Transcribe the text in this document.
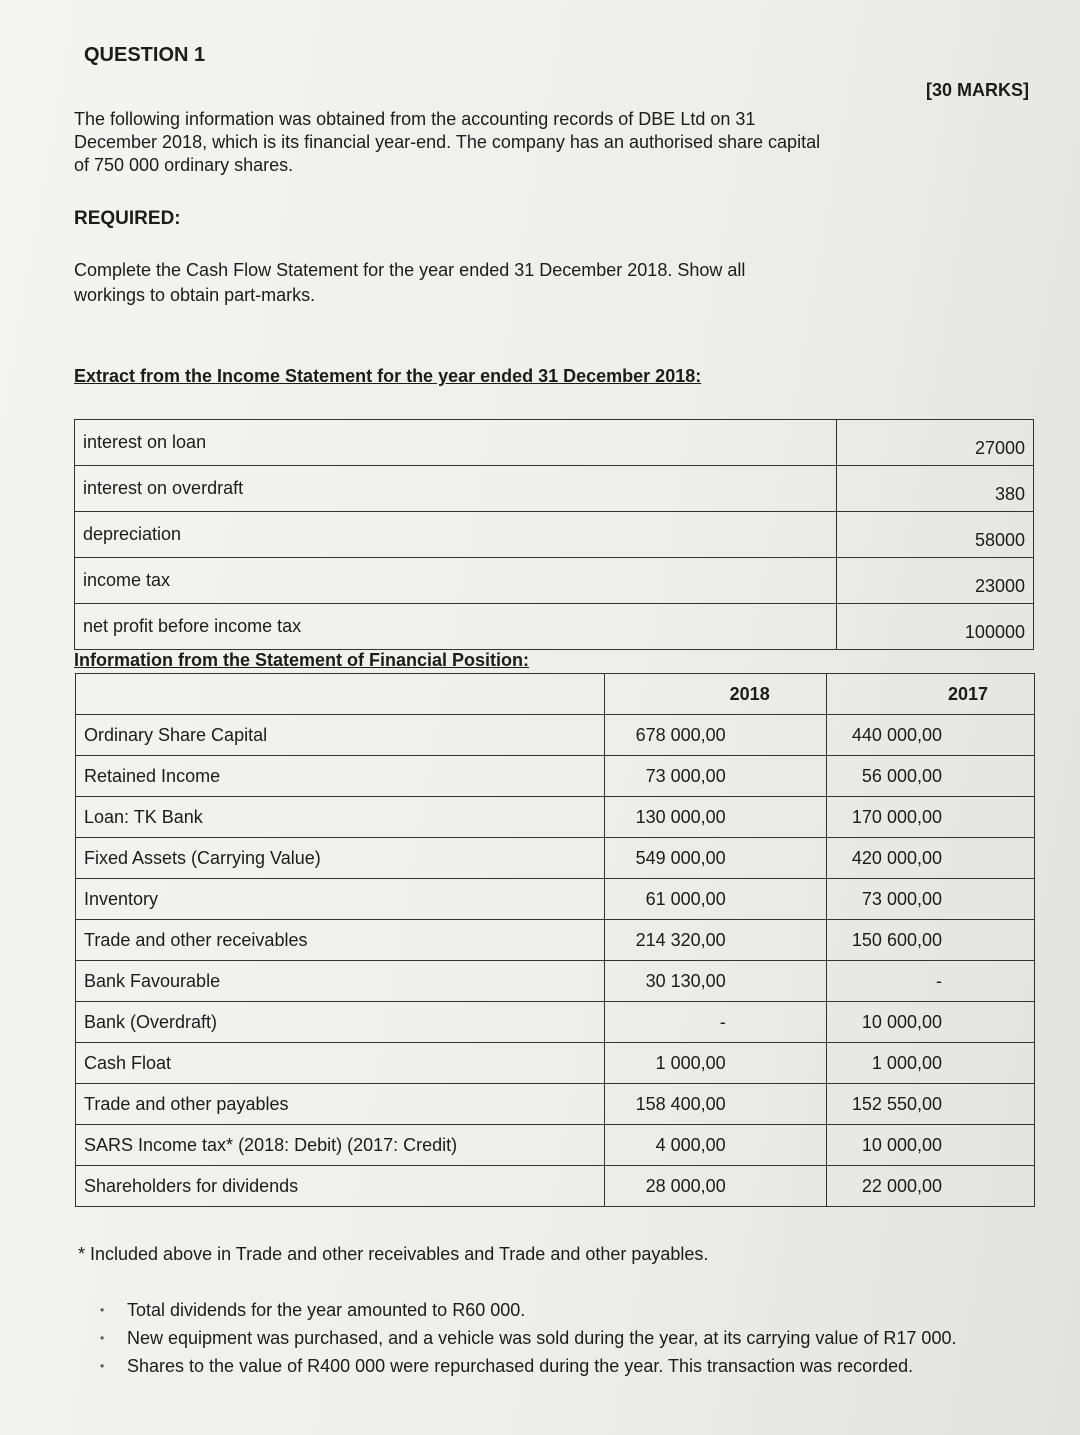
QUESTION 1
[30 MARKS]
The following information was obtained from the accounting records of DBE Ltd on 31 December 2018, which is its financial year-end. The company has an authorised share capital of 750 000 ordinary shares.
REQUIRED:
Complete the Cash Flow Statement for the year ended 31 December 2018. Show all workings to obtain part-marks.
Extract from the Income Statement for the year ended 31 December 2018:
interest on loan	27000
interest on overdraft	380
depreciation	58000
income tax	23000
net profit before income tax	100000
Information from the Statement of Financial Position:
	2018	2017
Ordinary Share Capital	678 000,00	440 000,00
Retained Income	73 000,00	56 000,00
Loan: TK Bank	130 000,00	170 000,00
Fixed Assets (Carrying Value)	549 000,00	420 000,00
Inventory	61 000,00	73 000,00
Trade and other receivables	214 320,00	150 600,00
Bank Favourable	30 130,00	-
Bank (Overdraft)	-	10 000,00
Cash Float	1 000,00	1 000,00
Trade and other payables	158 400,00	152 550,00
SARS Income tax* (2018: Debit) (2017: Credit)	4 000,00	10 000,00
Shareholders for dividends	28 000,00	22 000,00
* Included above in Trade and other receivables and Trade and other payables.
• Total dividends for the year amounted to R60 000.
• New equipment was purchased, and a vehicle was sold during the year, at its carrying value of R17 000.
• Shares to the value of R400 000 were repurchased during the year. This transaction was recorded.
